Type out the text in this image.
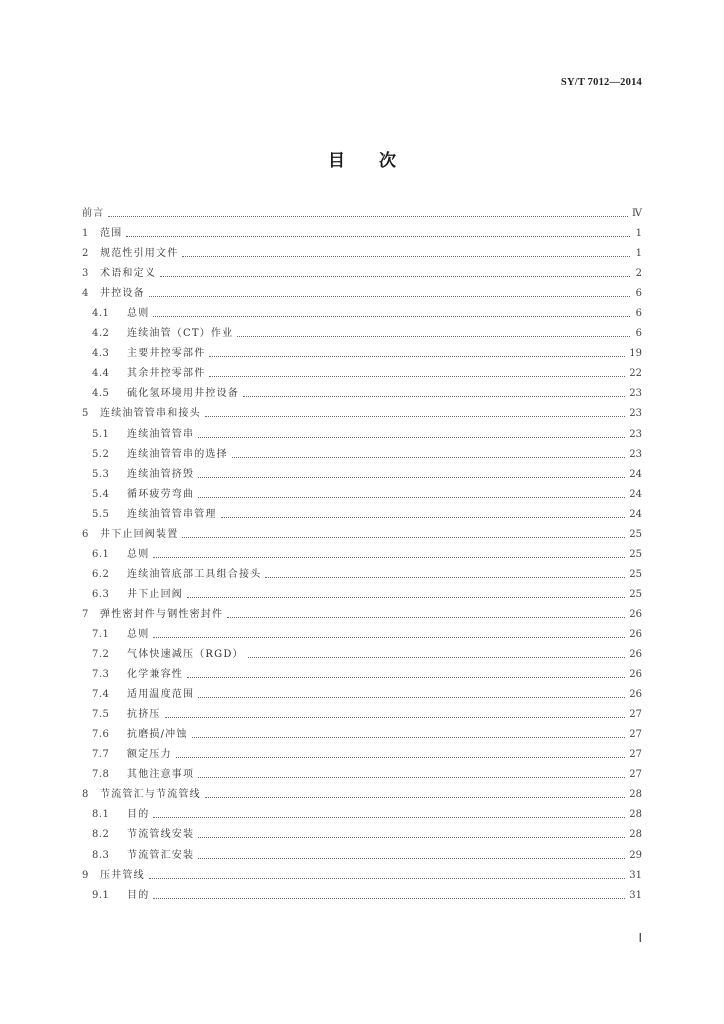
SY/T 7012—2014
目 次
前言	Ⅳ
1	范围	1
2	规范性引用文件	1
3	术语和定义	2
4	井控设备	6
4.1	总则	6
4.2	连续油管（CT）作业	6
4.3	主要井控零部件	19
4.4	其余井控零部件	22
4.5	硫化氢环境用井控设备	23
5	连续油管管串和接头	23
5.1	连续油管管串	23
5.2	连续油管管串的选择	23
5.3	连续油管挤毁	24
5.4	循环疲劳弯曲	24
5.5	连续油管管串管理	24
6	井下止回阀装置	25
6.1	总则	25
6.2	连续油管底部工具组合接头	25
6.3	井下止回阀	25
7	弹性密封件与钢性密封件	26
7.1	总则	26
7.2	气体快速减压（RGD）	26
7.3	化学兼容性	26
7.4	适用温度范围	26
7.5	抗挤压	27
7.6	抗磨损/冲蚀	27
7.7	额定压力	27
7.8	其他注意事项	27
8	节流管汇与节流管线	28
8.1	目的	28
8.2	节流管线安装	28
8.3	节流管汇安装	29
9	压井管线	31
9.1	目的	31
Ⅰ
